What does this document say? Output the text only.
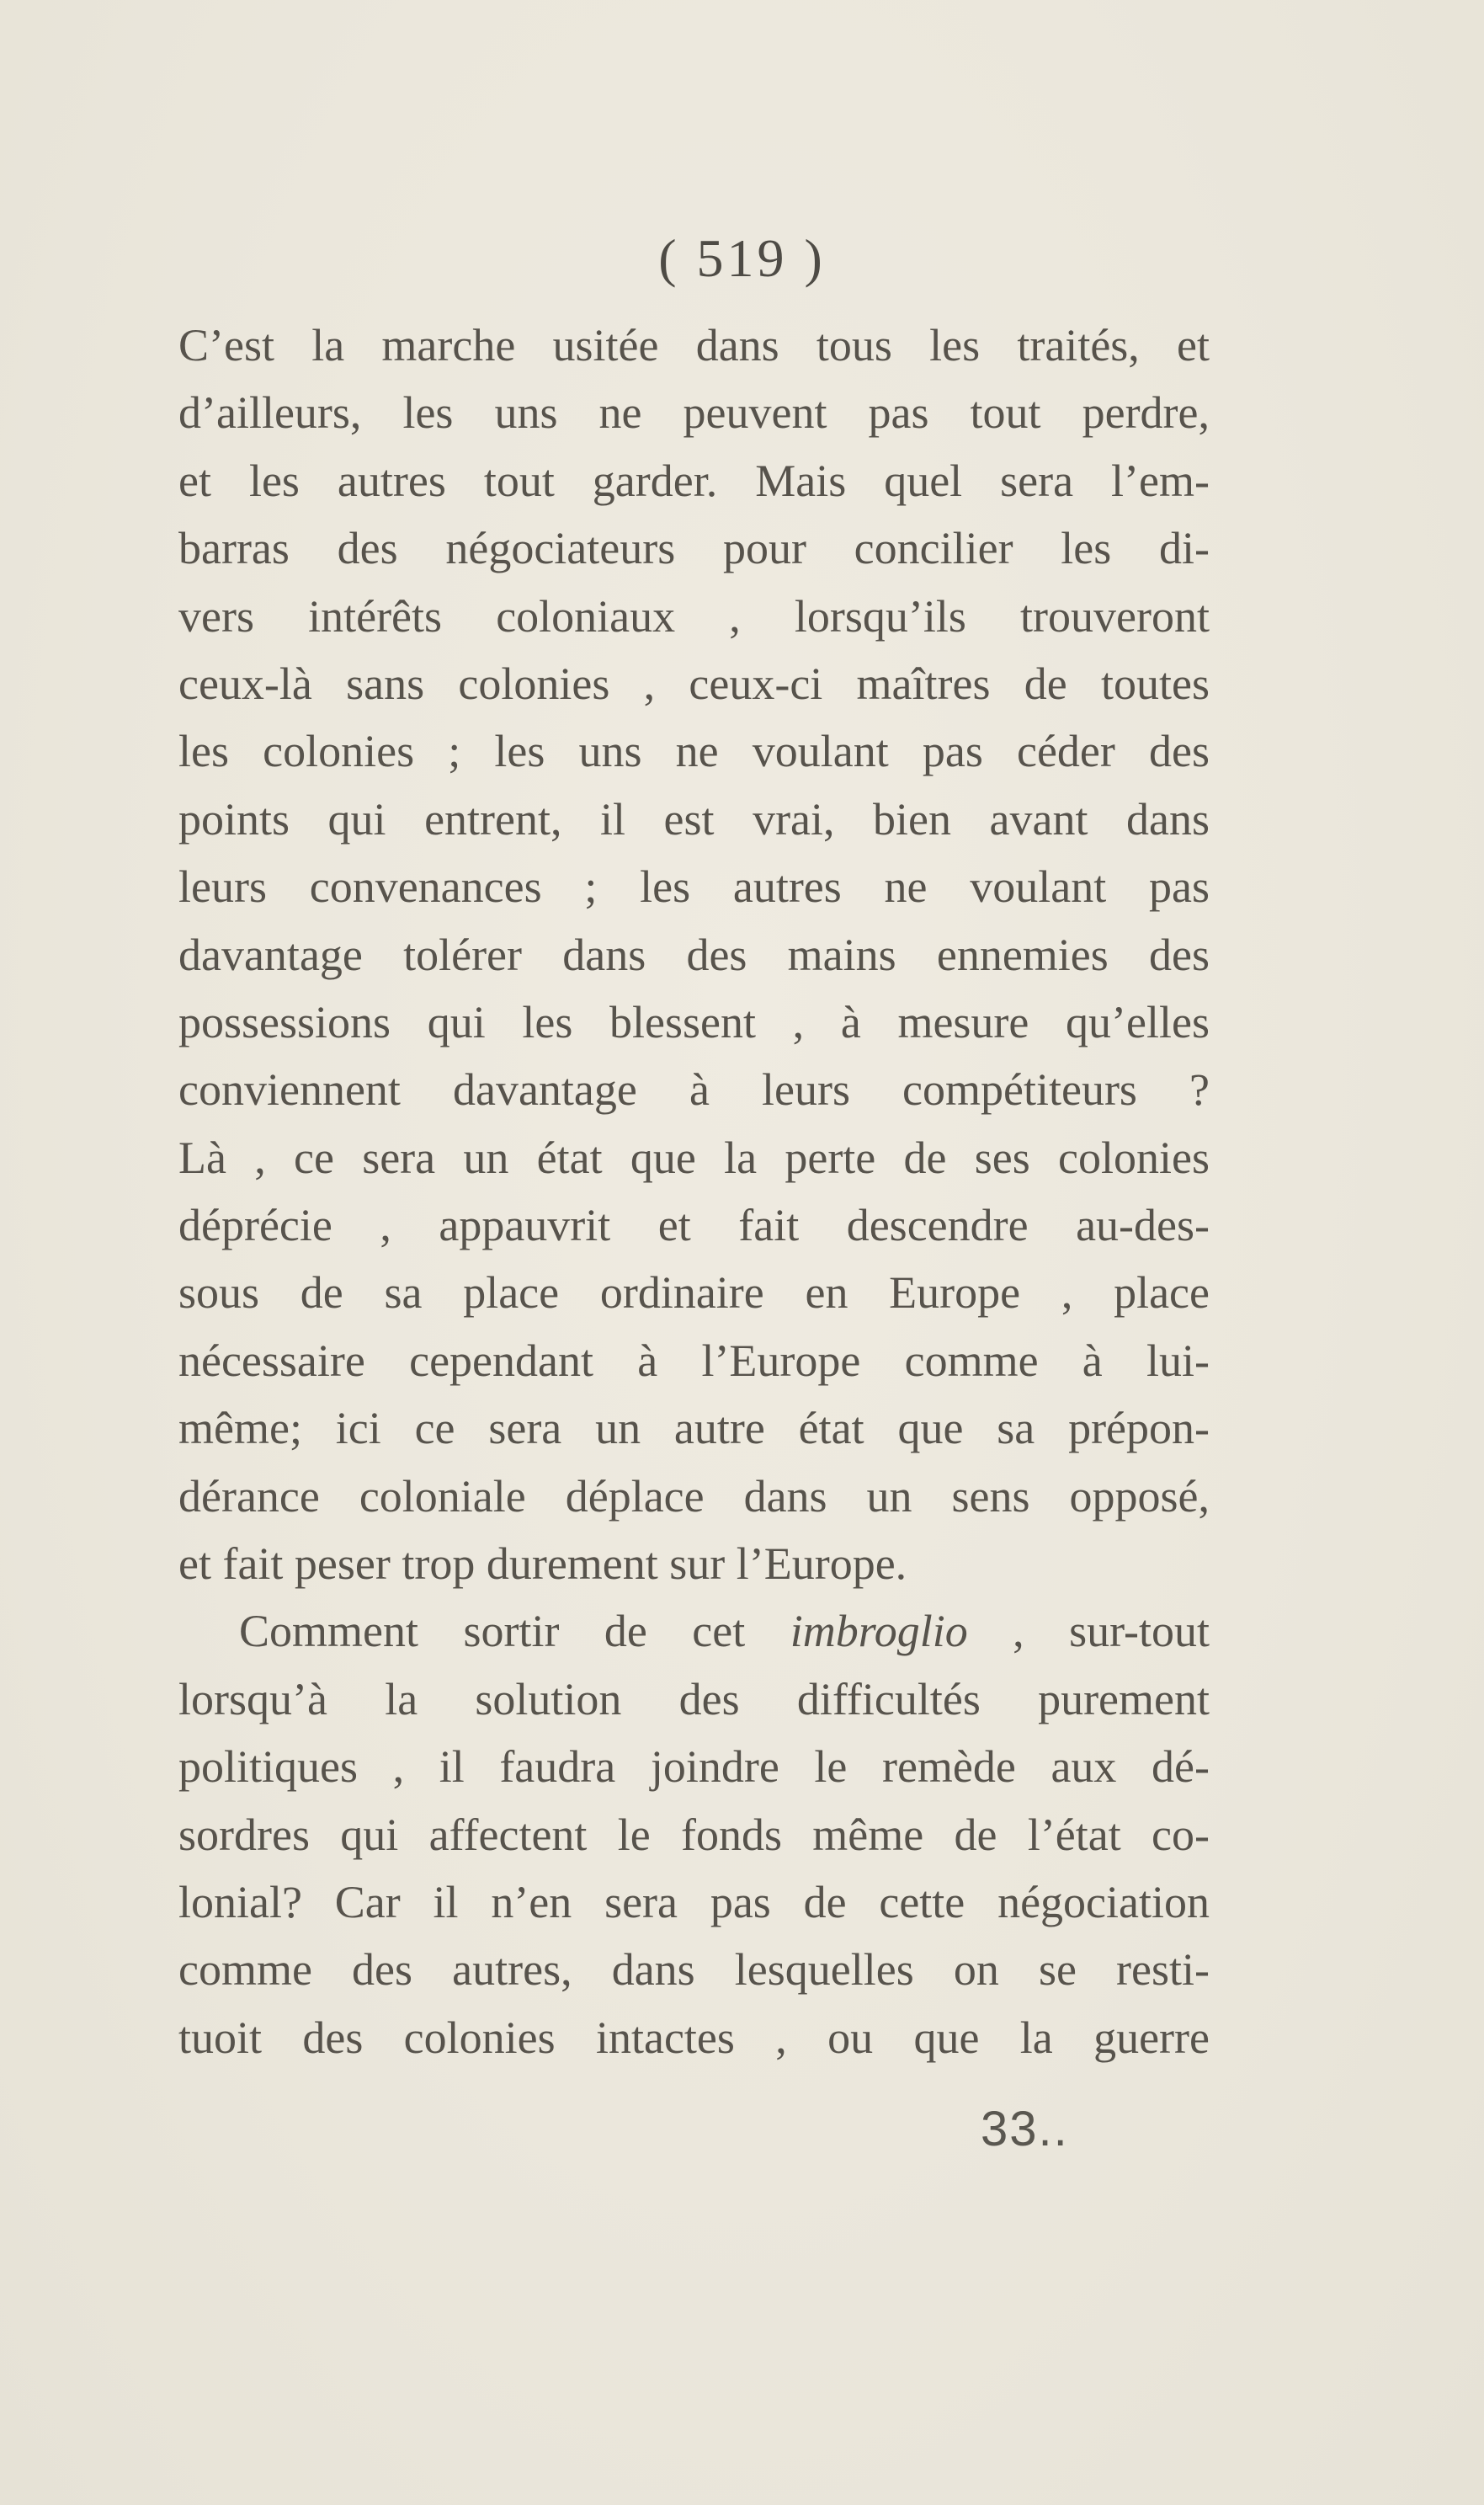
( 519 )
C’est la marche usitée dans tous les traités, et
d’ailleurs, les uns ne peuvent pas tout perdre,
et les autres tout garder. Mais quel sera l’em-
barras des négociateurs pour concilier les di-
vers intérêts coloniaux , lorsqu’ils trouveront
ceux-là sans colonies , ceux-ci maîtres de toutes
les colonies ; les uns ne voulant pas céder des
points qui entrent, il est vrai, bien avant dans
leurs convenances ; les autres ne voulant pas
davantage tolérer dans des mains ennemies des
possessions qui les blessent , à mesure qu’elles
conviennent davantage à leurs compétiteurs ?
Là , ce sera un état que la perte de ses colonies
déprécie , appauvrit et fait descendre au-des-
sous de sa place ordinaire en Europe , place
nécessaire cependant à l’Europe comme à lui-
même; ici ce sera un autre état que sa prépon-
dérance coloniale déplace dans un sens opposé,
et fait peser trop durement sur l’Europe.
Comment sortir de cet imbroglio , sur-tout
lorsqu’à la solution des difficultés purement
politiques , il faudra joindre le remède aux dé-
sordres qui affectent le fonds même de l’état co-
lonial? Car il n’en sera pas de cette négociation
comme des autres, dans lesquelles on se resti-
tuoit des colonies intactes , ou que la guerre
33..
